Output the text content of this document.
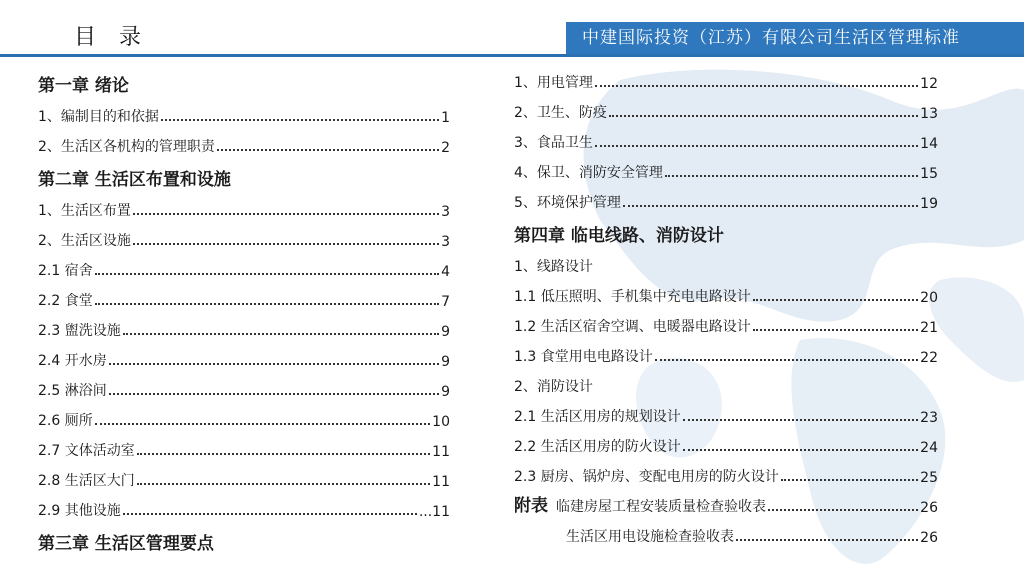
目 录	中建国际投资（江苏）有限公司生活区管理标准
第一章 绪论
1、编制目的和依据	1
2、生活区各机构的管理职责	2
第二章 生活区布置和设施
1、生活区布置	3
2、生活区设施	3
2.1 宿舍	4
2.2 食堂	7
2.3 盥洗设施	9
2.4 开水房	9
2.5 淋浴间	9
2.6 厕所	10
2.7 文体活动室	11
2.8 生活区大门	11
2.9 其他设施	...11
第三章 生活区管理要点
1、用电管理	12
2、卫生、防疫	13
3、食品卫生	14
4、保卫、消防安全管理	15
5、环境保护管理	19
第四章 临电线路、消防设计
1、线路设计
1.1 低压照明、手机集中充电电路设计	20
1.2 生活区宿舍空调、电暖器电路设计	21
1.3 食堂用电电路设计	22
2、消防设计
2.1 生活区用房的规划设计	23
2.2 生活区用房的防火设计	24
2.3 厨房、锅炉房、变配电用房的防火设计	25
附表 临建房屋工程安装质量检查验收表	26
生活区用电设施检查验收表	26
